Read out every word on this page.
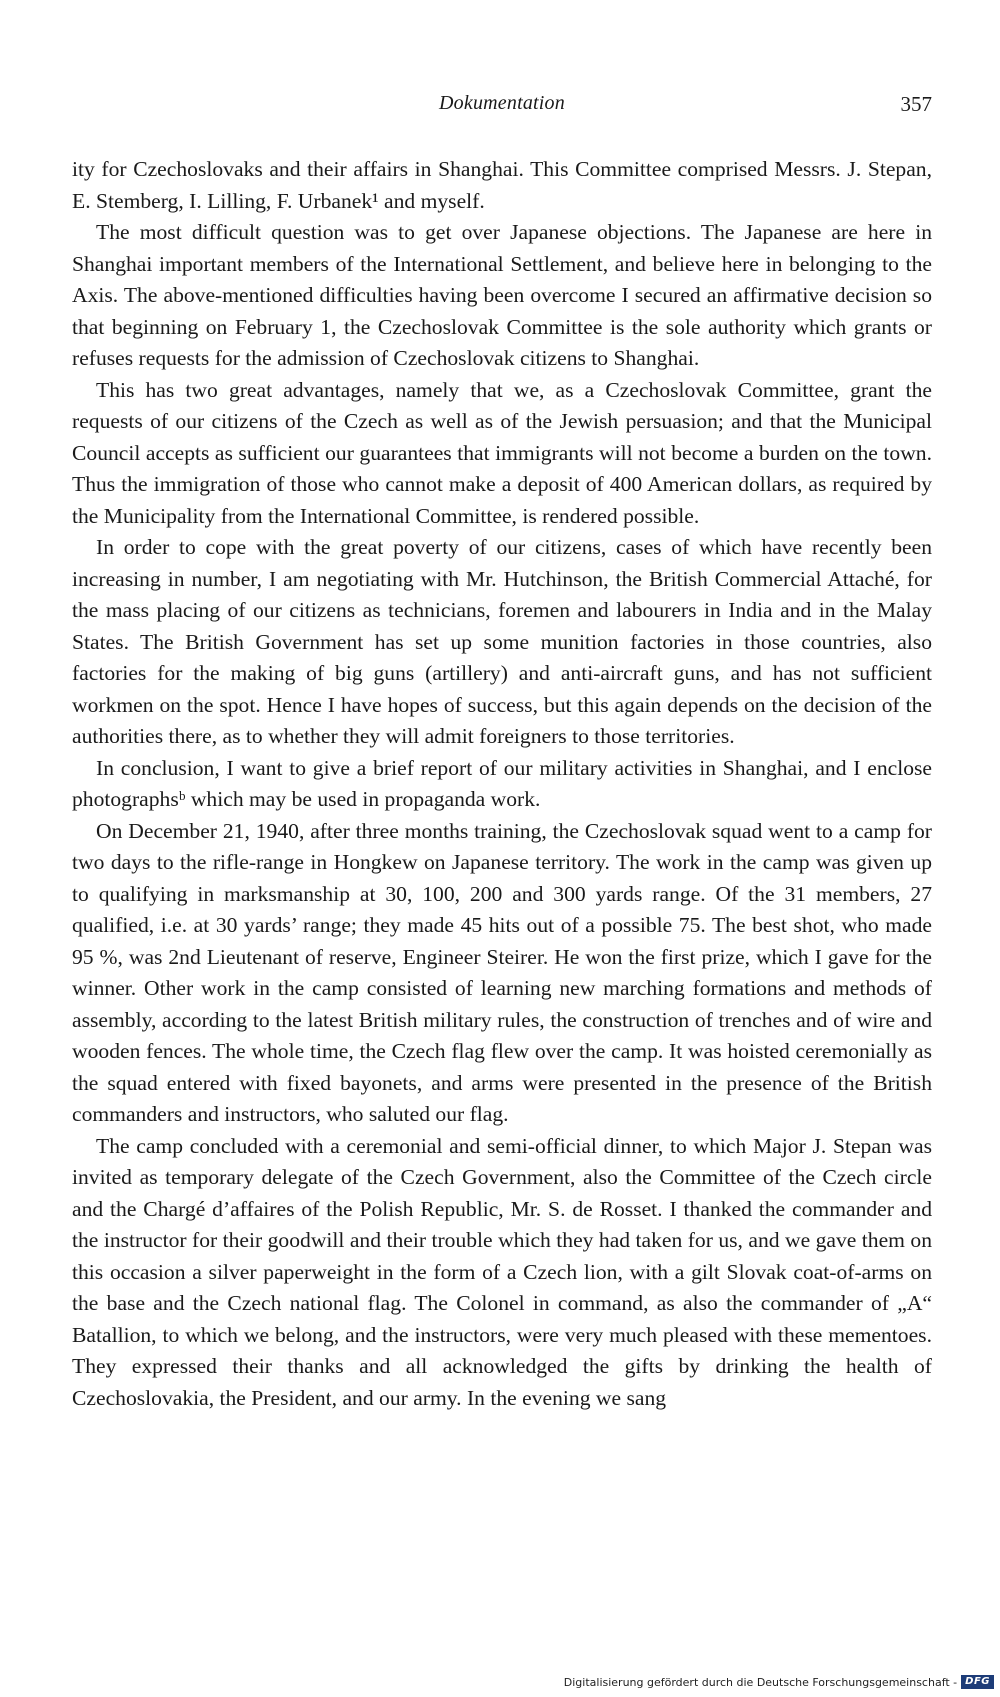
Dokumentation	357

ity for Czechoslovaks and their affairs in Shanghai. This Committee comprised Messrs. J. Stepan, E. Stemberg, I. Lilling, F. Urbanek¹ and myself.

The most difficult question was to get over Japanese objections. The Japanese are here in Shanghai important members of the International Settlement, and believe here in belonging to the Axis. The above-mentioned difficulties having been overcome I secured an affirmative decision so that beginning on February 1, the Czechoslovak Committee is the sole authority which grants or refuses requests for the admission of Czechoslovak citizens to Shanghai.

This has two great advantages, namely that we, as a Czechoslovak Committee, grant the requests of our citizens of the Czech as well as of the Jewish persuasion; and that the Municipal Council accepts as sufficient our guarantees that immigrants will not become a burden on the town. Thus the immigration of those who cannot make a deposit of 400 American dollars, as required by the Municipality from the International Committee, is rendered possible.

In order to cope with the great poverty of our citizens, cases of which have recently been increasing in number, I am negotiating with Mr. Hutchinson, the British Commercial Attaché, for the mass placing of our citizens as technicians, foremen and labourers in India and in the Malay States. The British Government has set up some munition factories in those countries, also factories for the making of big guns (artillery) and anti-aircraft guns, and has not sufficient workmen on the spot. Hence I have hopes of success, but this again depends on the decision of the authorities there, as to whether they will admit foreigners to those territories.

In conclusion, I want to give a brief report of our military activities in Shanghai, and I enclose photographsᵇ which may be used in propaganda work.

On December 21, 1940, after three months training, the Czechoslovak squad went to a camp for two days to the rifle-range in Hongkew on Japanese territory. The work in the camp was given up to qualifying in marksmanship at 30, 100, 200 and 300 yards range. Of the 31 members, 27 qualified, i.e. at 30 yards’ range; they made 45 hits out of a possible 75. The best shot, who made 95 %, was 2nd Lieutenant of reserve, Engineer Steirer. He won the first prize, which I gave for the winner. Other work in the camp consisted of learning new marching formations and methods of assembly, according to the latest British military rules, the construction of trenches and of wire and wooden fences. The whole time, the Czech flag flew over the camp. It was hoisted ceremonially as the squad entered with fixed bayonets, and arms were presented in the presence of the British commanders and instructors, who saluted our flag.

The camp concluded with a ceremonial and semi-official dinner, to which Major J. Stepan was invited as temporary delegate of the Czech Government, also the Committee of the Czech circle and the Chargé d’affaires of the Polish Republic, Mr. S. de Rosset. I thanked the commander and the instructor for their goodwill and their trouble which they had taken for us, and we gave them on this occasion a silver paperweight in the form of a Czech lion, with a gilt Slovak coat-of-arms on the base and the Czech national flag. The Colonel in command, as also the commander of „A“ Batallion, to which we belong, and the instructors, were very much pleased with these mementoes. They expressed their thanks and all acknowledged the gifts by drinking the health of Czechoslovakia, the President, and our army. In the evening we sang

Digitalisierung gefördert durch die Deutsche Forschungsgemeinschaft - DFG
